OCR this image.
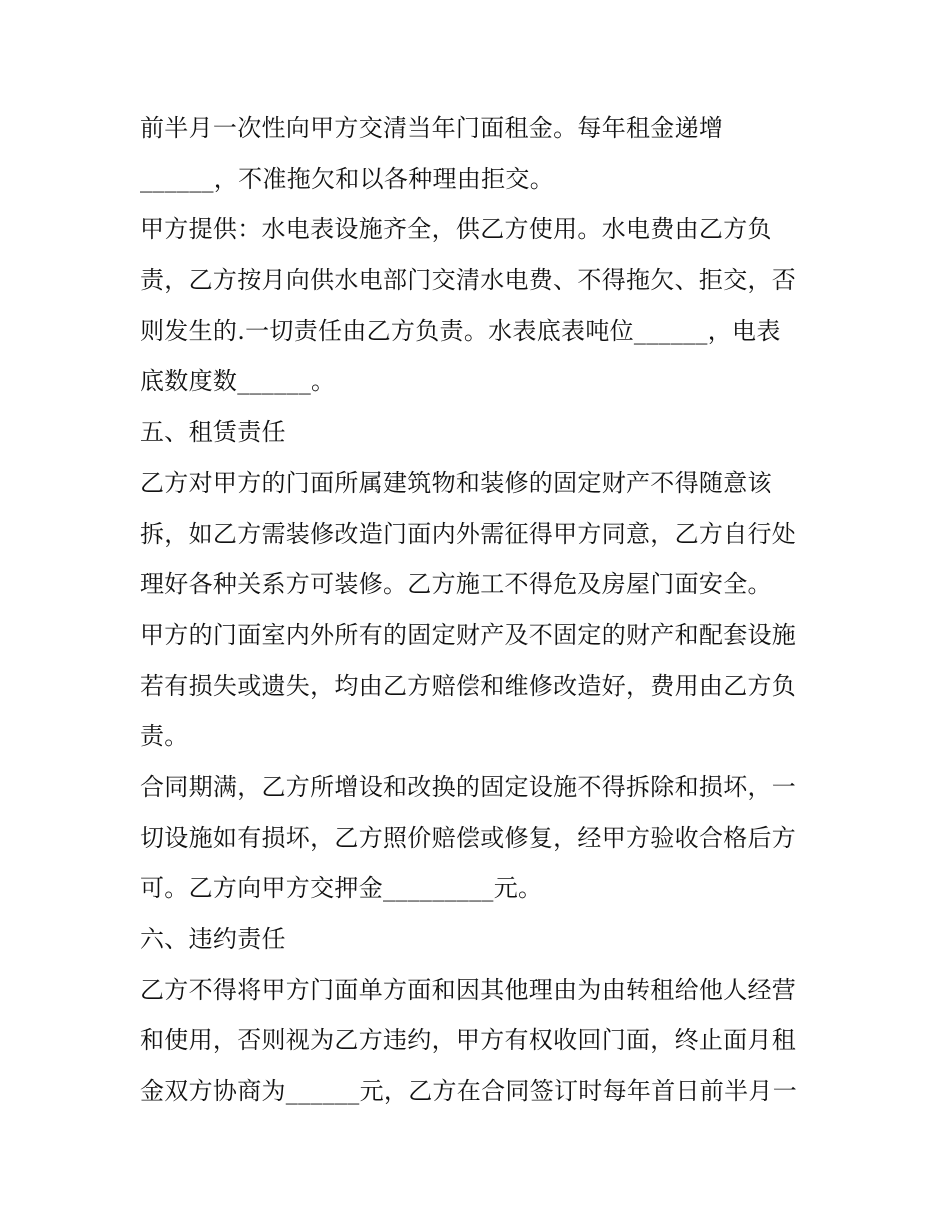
前半月一次性向甲方交清当年门面租金。每年租金递增
______，不准拖欠和以各种理由拒交。
甲方提供：水电表设施齐全，供乙方使用。水电费由乙方负
责，乙方按月向供水电部门交清水电费、不得拖欠、拒交，否
则发生的.一切责任由乙方负责。水表底表吨位______，电表
底数度数______。
五、租赁责任
乙方对甲方的门面所属建筑物和装修的固定财产不得随意该
拆，如乙方需装修改造门面内外需征得甲方同意，乙方自行处
理好各种关系方可装修。乙方施工不得危及房屋门面安全。
甲方的门面室内外所有的固定财产及不固定的财产和配套设施
若有损失或遗失，均由乙方赔偿和维修改造好，费用由乙方负
责。
合同期满，乙方所增设和改换的固定设施不得拆除和损坏，一
切设施如有损坏，乙方照价赔偿或修复，经甲方验收合格后方
可。乙方向甲方交押金_________元。
六、违约责任
乙方不得将甲方门面单方面和因其他理由为由转租给他人经营
和使用，否则视为乙方违约，甲方有权收回门面，终止面月租
金双方协商为______元，乙方在合同签订时每年首日前半月一
